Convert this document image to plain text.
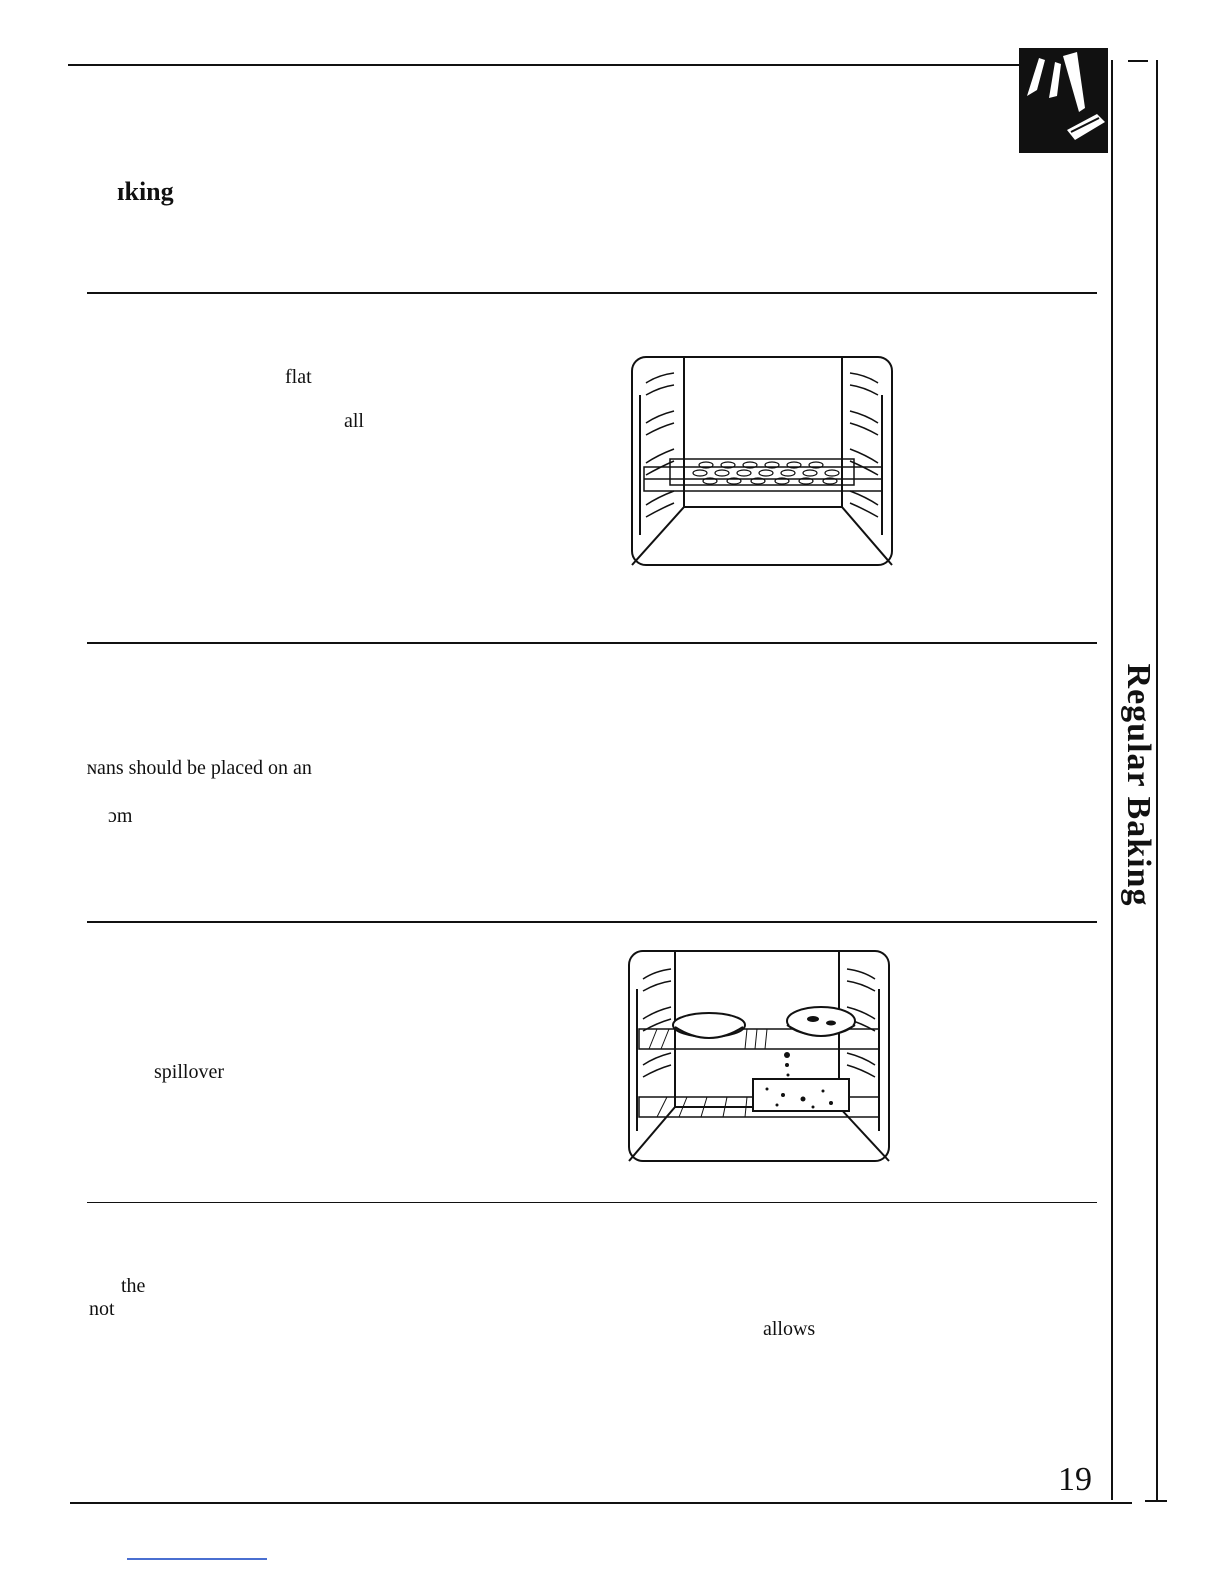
ɪking
flat
all
ɴans should be placed on an
ɔm	Regular Baking
spillover
the
not
allows
19
